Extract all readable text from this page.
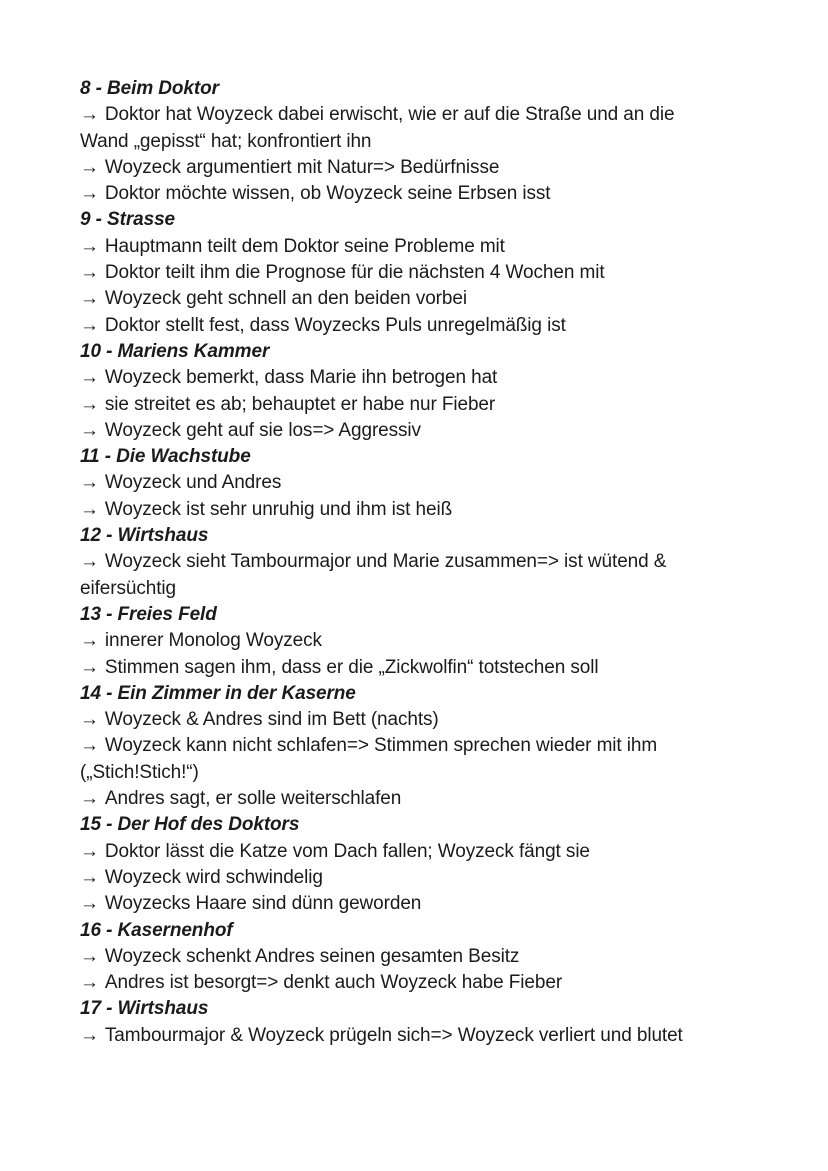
8 - Beim Doktor

→ Doktor hat Woyzeck dabei erwischt, wie er auf die Straße und an die Wand „gepisst“ hat; konfrontiert ihn

→ Woyzeck argumentiert mit Natur=> Bedürfnisse

→ Doktor möchte wissen, ob Woyzeck seine Erbsen isst

9 - Strasse

→ Hauptmann teilt dem Doktor seine Probleme mit

→ Doktor teilt ihm die Prognose für die nächsten 4 Wochen mit

→ Woyzeck geht schnell an den beiden vorbei

→ Doktor stellt fest, dass Woyzecks Puls unregelmäßig ist

10 - Mariens Kammer

→ Woyzeck bemerkt, dass Marie ihn betrogen hat

→ sie streitet es ab; behauptet er habe nur Fieber

→ Woyzeck geht auf sie los=> Aggressiv

11 - Die Wachstube

→ Woyzeck und Andres

→ Woyzeck ist sehr unruhig und ihm ist heiß

12 - Wirtshaus

→ Woyzeck sieht Tambourmajor und Marie zusammen=> ist wütend & eifersüchtig

13 - Freies Feld

→ innerer Monolog Woyzeck

→ Stimmen sagen ihm, dass er die „Zickwolfin“ totstechen soll

14 - Ein Zimmer in der Kaserne

→ Woyzeck & Andres sind im Bett (nachts)

→ Woyzeck kann nicht schlafen=> Stimmen sprechen wieder mit ihm („Stich!Stich!“)

→ Andres sagt, er solle weiterschlafen

15 - Der Hof des Doktors

→ Doktor lässt die Katze vom Dach fallen; Woyzeck fängt sie

→ Woyzeck wird schwindelig

→ Woyzecks Haare sind dünn geworden

16 - Kasernenhof

→ Woyzeck schenkt Andres seinen gesamten Besitz

→ Andres ist besorgt=> denkt auch Woyzeck habe Fieber

17 - Wirtshaus

→ Tambourmajor & Woyzeck prügeln sich=> Woyzeck verliert und blutet
